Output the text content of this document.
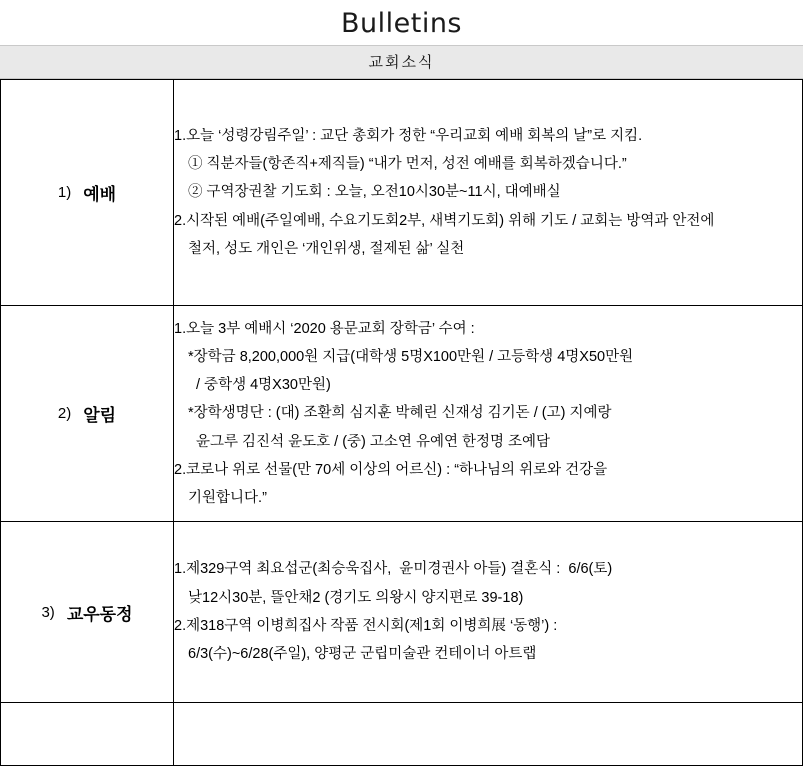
Bulletins
교회소식
1) 예배

1.오늘 ‘성령강림주일’ : 교단 총회가 정한 “우리교회 예배 회복의 날”로 지킴.
① 직분자들(항존직+제직들) “내가 먼저, 성전 예배를 회복하겠습니다.”
② 구역장권찰 기도회 : 오늘, 오전10시30분~11시, 대예배실
2.시작된 예배(주일예배, 수요기도회2부, 새벽기도회) 위해 기도 / 교회는 방역과 안전에
철저, 성도 개인은 ‘개인위생, 절제된 삶’ 실천

2) 알림

1.오늘 3부 예배시 ‘2020 용문교회 장학금’ 수여 :
*장학금 8,200,000원 지급(대학생 5명X100만원 / 고등학생 4명X50만원
/ 중학생 4명X30만원)
*장학생명단 : (대) 조환희 심지훈 박혜린 신재성 김기돈 / (고) 지예랑
윤그루 김진석 윤도호 / (중) 고소연 유예연 한정명 조예담
2.코로나 위로 선물(만 70세 이상의 어르신) : “하나님의 위로와 건강을
기원합니다.”

3) 교우동정

1.제329구역 최요섭군(최승욱집사,  윤미경권사 아들) 결혼식 :  6/6(토)
낮12시30분, 뜰안채2 (경기도 의왕시 양지편로 39-18)
2.제318구역 이병희집사 작품 전시회(제1회 이병희展 ‘동행’) :
6/3(수)~6/28(주일), 양평군 군립미술관 컨테이너 아트랩
